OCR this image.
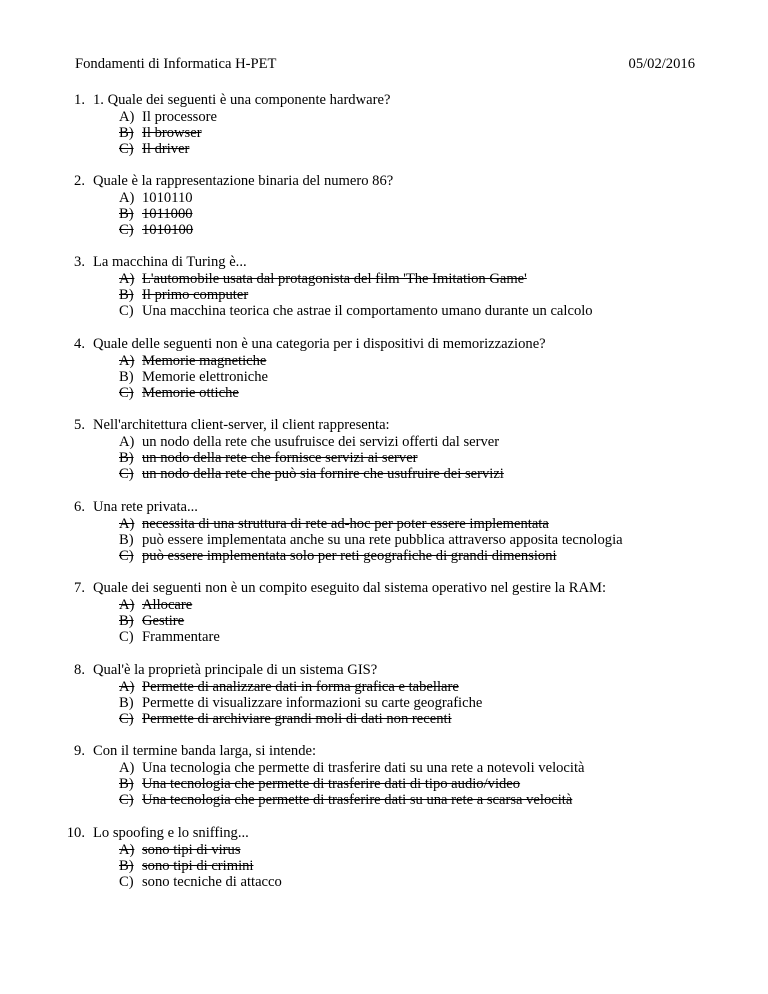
Fondamenti di Informatica H-PET	05/02/2016
1. 1. Quale dei seguenti è una componente hardware?
A) Il processore
B) Il browser
C) Il driver
2. Quale è la rappresentazione binaria del numero 86?
A) 1010110
B) 1011000
C) 1010100
3. La macchina di Turing è...
A) L'automobile usata dal protagonista del film 'The Imitation Game'
B) Il primo computer
C) Una macchina teorica che astrae il comportamento umano durante un calcolo
4. Quale delle seguenti non è una categoria per i dispositivi di memorizzazione?
A) Memorie magnetiche
B) Memorie elettroniche
C) Memorie ottiche
5. Nell'architettura client-server, il client rappresenta:
A) un nodo della rete che usufruisce dei servizi offerti dal server
B) un nodo della rete che fornisce servizi ai server
C) un nodo della rete che può sia fornire che usufruire dei servizi
6. Una rete privata...
A) necessita di una struttura di rete ad-hoc per poter essere implementata
B) può essere implementata anche su una rete pubblica attraverso apposita tecnologia
C) può essere implementata solo per reti geografiche di grandi dimensioni
7. Quale dei seguenti non è un compito eseguito dal sistema operativo nel gestire la RAM:
A) Allocare
B) Gestire
C) Frammentare
8. Qual'è la proprietà principale di un sistema GIS?
A) Permette di analizzare dati in forma grafica e tabellare
B) Permette di visualizzare informazioni su carte geografiche
C) Permette di archiviare grandi moli di dati non recenti
9. Con il termine banda larga, si intende:
A) Una tecnologia che permette di trasferire dati su una rete a notevoli velocità
B) Una tecnologia che permette di trasferire dati di tipo audio/video
C) Una tecnologia che permette di trasferire dati su una rete a scarsa velocità
10. Lo spoofing e lo sniffing...
A) sono tipi di virus
B) sono tipi di crimini
C) sono tecniche di attacco
